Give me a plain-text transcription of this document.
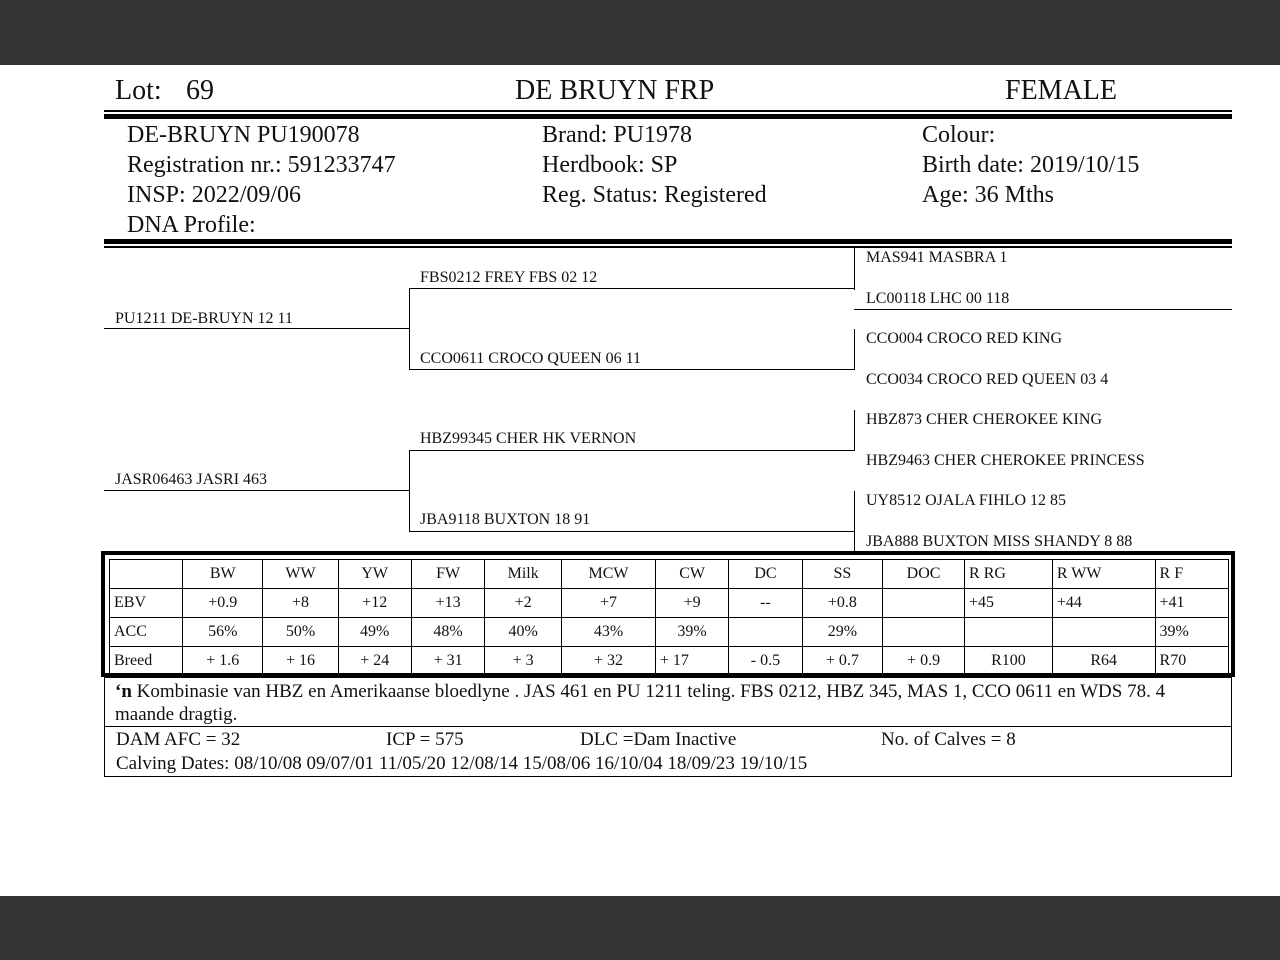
Lot: 69	DE BRUYN FRP	FEMALE
DE-BRUYN PU190078
Registration nr.: 591233747
INSP: 2022/09/06
DNA Profile:
Brand: PU1978
Herdbook: SP
Reg. Status: Registered
Colour:
Birth date: 2019/10/15
Age: 36 Mths
PU1211 DE-BRUYN 12 11
JASR06463 JASRI 463
FBS0212 FREY FBS 02 12
CCO0611 CROCO QUEEN 06 11
HBZ99345 CHER HK VERNON
JBA9118 BUXTON 18 91
MAS941 MASBRA 1
LC00118 LHC 00 118
CCO004 CROCO RED KING
CCO034 CROCO RED QUEEN 03 4
HBZ873 CHER CHEROKEE KING
HBZ9463 CHER CHEROKEE PRINCESS
UY8512 OJALA FIHLO 12 85
JBA888 BUXTON MISS SHANDY 8 88
	BW	WW	YW	FW	Milk	MCW	CW	DC	SS	DOC	R RG	R WW	R F
EBV	+0.9	+8	+12	+13	+2	+7	+9	--	+0.8		+45	+44	+41
ACC	56%	50%	49%	48%	40%	43%	39%		29%				39%
Breed	+ 1.6	+ 16	+ 24	+ 31	+ 3	+ 32	+ 17	- 0.5	+ 0.7	+ 0.9	R100	R64	R70
‘n Kombinasie van HBZ en Amerikaanse bloedlyne . JAS 461 en PU 1211 teling. FBS 0212, HBZ 345, MAS 1, CCO 0611 en WDS 78. 4 maande dragtig.
DAM AFC = 32	ICP = 575	DLC =Dam Inactive	No. of Calves = 8
Calving Dates: 08/10/08 09/07/01 11/05/20 12/08/14 15/08/06 16/10/04 18/09/23 19/10/15
